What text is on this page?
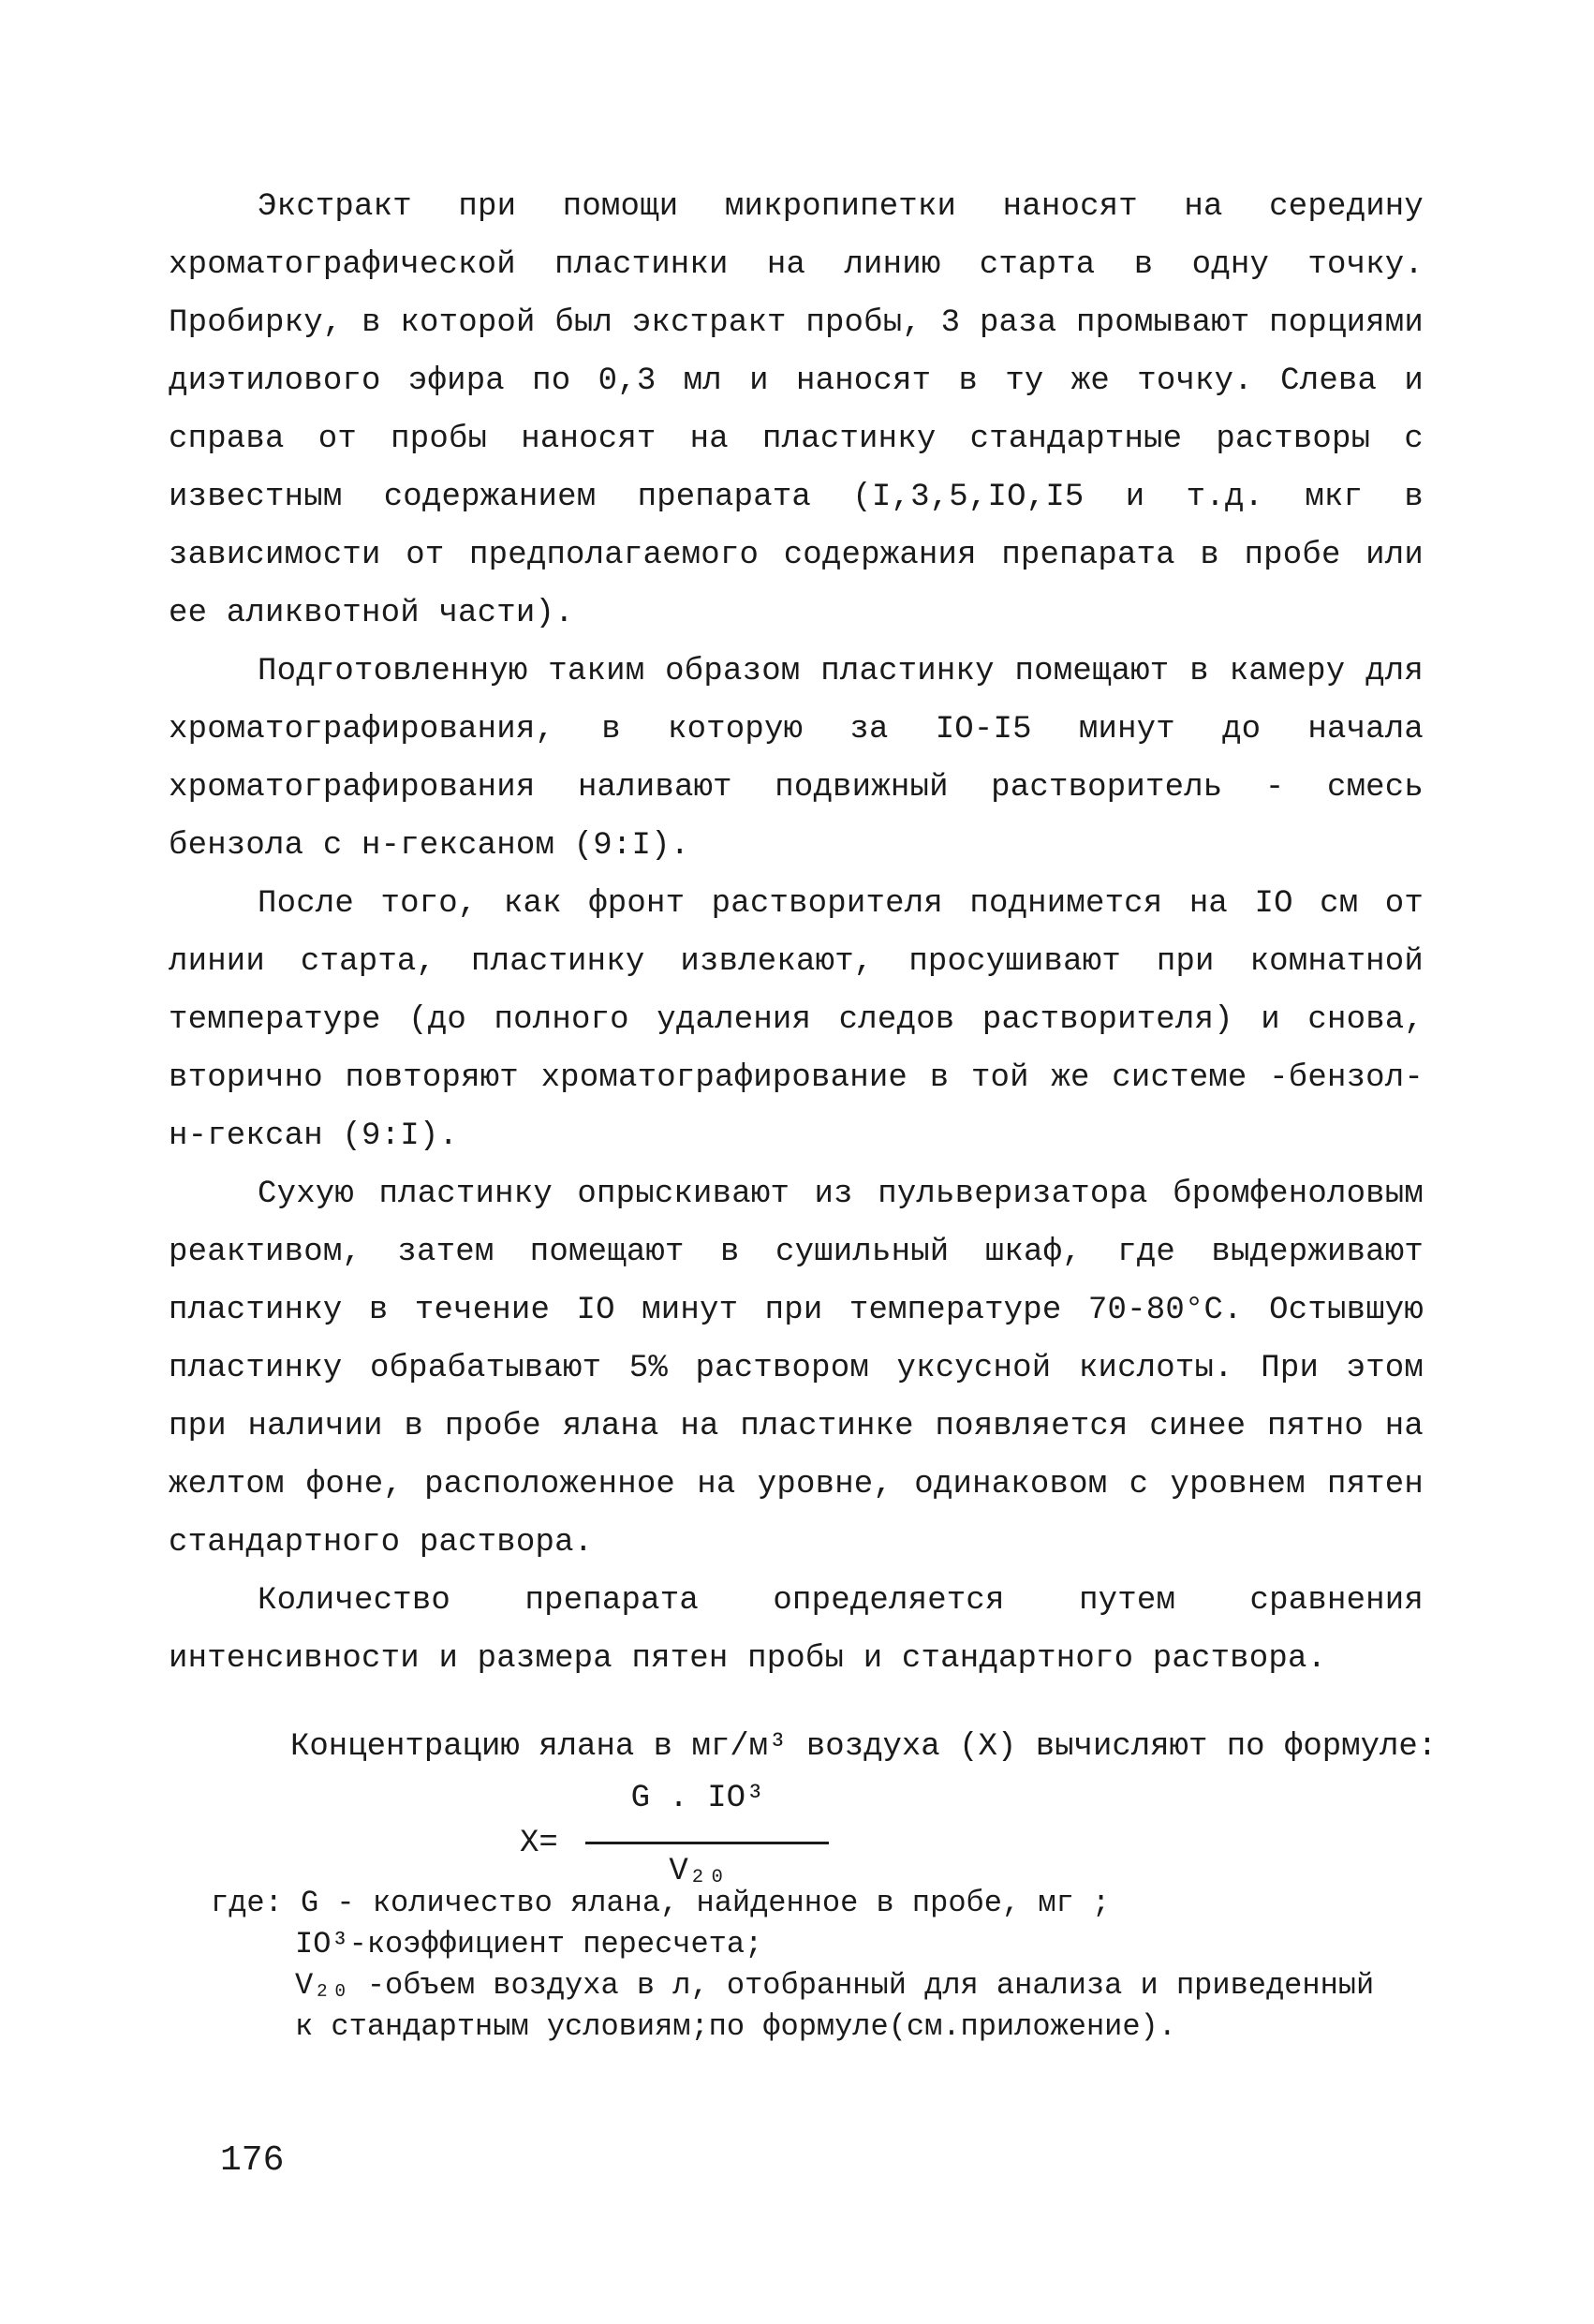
Экстракт при помощи микропипетки наносят на середину хроматографической пластинки на линию старта в одну точку. Пробирку, в которой был экстракт пробы, 3 раза промывают порциями диэтилового эфира по 0,3 мл и наносят в ту же точку. Слева и справа от пробы наносят на пластинку стандартные растворы с известным содержанием препарата (I,3,5,IO,I5 и т.д. мкг в зависимости от предполагаемого содержания препарата в пробе или ее аликвотной части).

Подготовленную таким образом пластинку помещают в камеру для хроматографирования, в которую за IO-I5 минут до начала хроматографирования наливают подвижный растворитель - смесь бензола с н-гексаном (9:I).

После того, как фронт растворителя поднимется на IO см от линии старта, пластинку извлекают, просушивают при комнатной температуре (до полного удаления следов растворителя) и снова, вторично повторяют хроматографирование в той же системе -бензол-н-гексан (9:I).

Сухую пластинку опрыскивают из пульверизатора бромфеноловым реактивом, затем помещают в сушильный шкаф, где выдерживают пластинку в течение IO минут при температуре 70-80°С. Остывшую пластинку обрабатывают 5% раствором уксусной кислоты. При этом при наличии в пробе ялана на пластинке появляется синее пятно на желтом фоне, расположенное на уровне, одинаковом с уровнем пятен стандартного раствора.

Количество препарата определяется путем сравнения интенсивности и размера пятен пробы и стандартного раствора.

Концентрацию ялана в мг/м³ воздуха (X) вычисляют по формуле:
X=
G . IO³
V₂₀
где: G - количество ялана, найденное в пробе, мг ;
IO³-коэффициент пересчета;
V₂₀ -объем воздуха в л, отобранный для анализа и приведенный
к стандартным условиям;по формуле(см.приложение).
176
